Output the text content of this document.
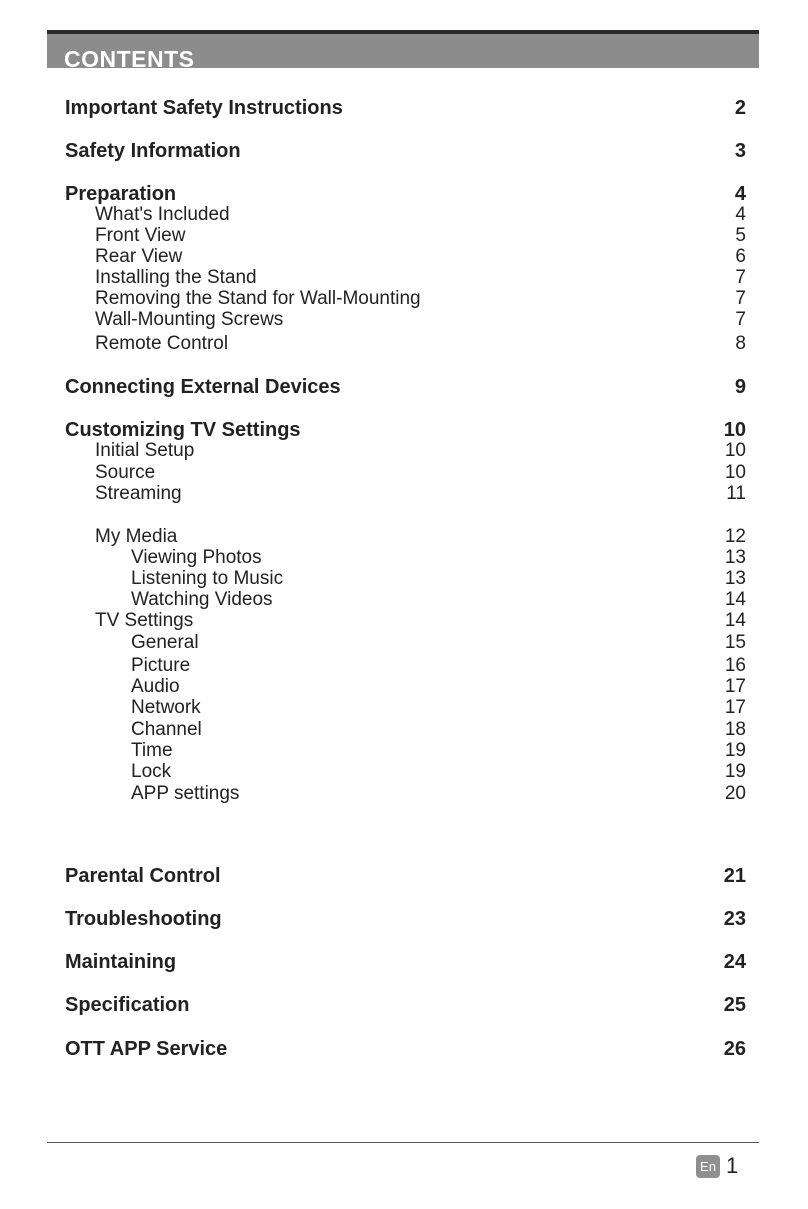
CONTENTS
Important Safety Instructions	2
Safety Information	3
Preparation	4
What's Included	4
Front View	5
Rear View	6
Installing the Stand	7
Removing the Stand for Wall-Mounting	7
Wall-Mounting Screws	7
Remote Control	8
Connecting External Devices	9
Customizing TV Settings	10
Initial Setup	10
Source	10
Streaming	11
My Media	12
Viewing Photos	13
Listening to Music	13
Watching Videos	14
TV Settings	14
General	15
Picture	16
Audio	17
Network	17
Channel	18
Time	19
Lock	19
APP settings	20
Parental Control	21
Troubleshooting	23
Maintaining	24
Specification	25
OTT APP Service	26
En 1
